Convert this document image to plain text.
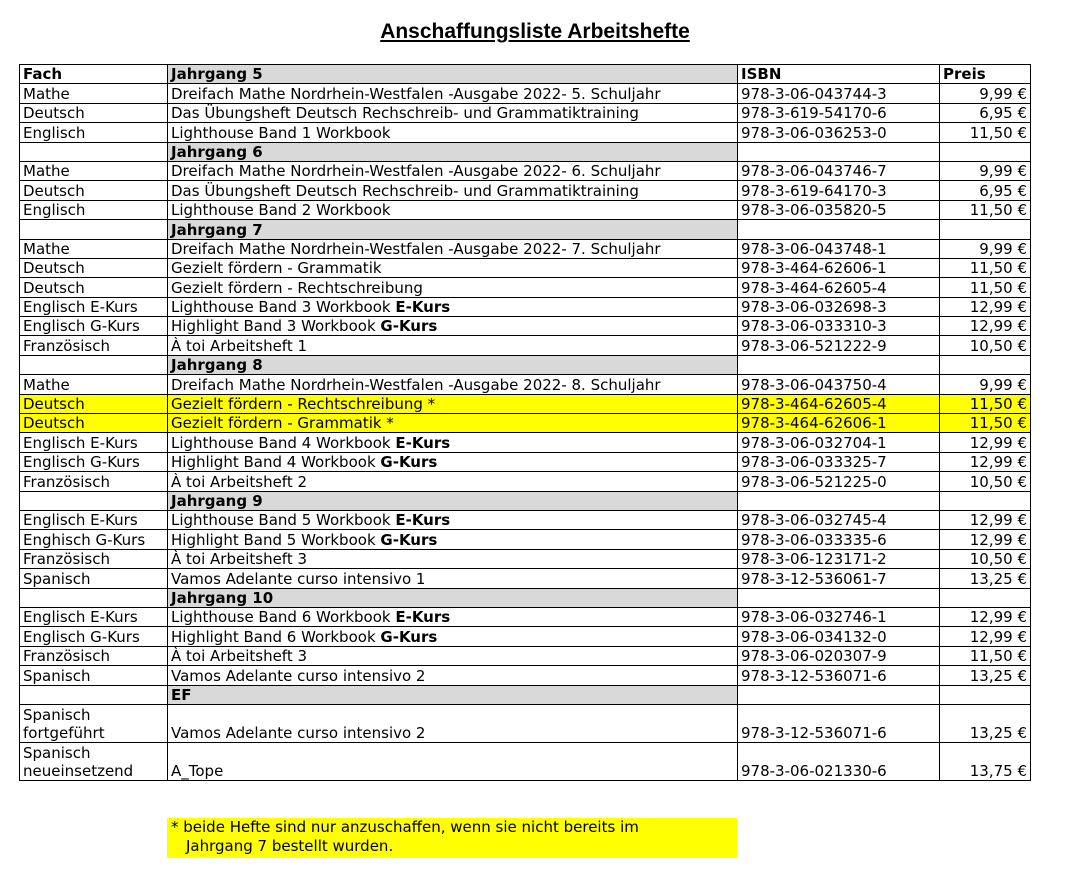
Anschaffungsliste Arbeitshefte
Fach	Jahrgang 5	ISBN	Preis
Mathe	Dreifach Mathe Nordrhein-Westfalen -Ausgabe 2022- 5. Schuljahr	978-3-06-043744-3	9,99 €
Deutsch	Das Übungsheft Deutsch Rechschreib- und Grammatiktraining	978-3-619-54170-6	6,95 €
Englisch	Lighthouse Band 1 Workbook	978-3-06-036253-0	11,50 €
	Jahrgang 6		
Mathe	Dreifach Mathe Nordrhein-Westfalen -Ausgabe 2022- 6. Schuljahr	978-3-06-043746-7	9,99 €
Deutsch	Das Übungsheft Deutsch Rechschreib- und Grammatiktraining	978-3-619-64170-3	6,95 €
Englisch	Lighthouse Band 2 Workbook	978-3-06-035820-5	11,50 €
	Jahrgang 7		
Mathe	Dreifach Mathe Nordrhein-Westfalen -Ausgabe 2022- 7. Schuljahr	978-3-06-043748-1	9,99 €
Deutsch	Gezielt fördern - Grammatik	978-3-464-62606-1	11,50 €
Deutsch	Gezielt fördern - Rechtschreibung	978-3-464-62605-4	11,50 €
Englisch E-Kurs	Lighthouse Band 3 Workbook E-Kurs	978-3-06-032698-3	12,99 €
Englisch G-Kurs	Highlight Band 3 Workbook G-Kurs	978-3-06-033310-3	12,99 €
Französisch	À toi Arbeitsheft 1	978-3-06-521222-9	10,50 €
	Jahrgang 8		
Mathe	Dreifach Mathe Nordrhein-Westfalen -Ausgabe 2022- 8. Schuljahr	978-3-06-043750-4	9,99 €
Deutsch	Gezielt fördern - Rechtschreibung *	978-3-464-62605-4	11,50 €
Deutsch	Gezielt fördern - Grammatik *	978-3-464-62606-1	11,50 €
Englisch E-Kurs	Lighthouse Band 4 Workbook E-Kurs	978-3-06-032704-1	12,99 €
Englisch G-Kurs	Highlight Band 4 Workbook G-Kurs	978-3-06-033325-7	12,99 €
Französisch	À toi Arbeitsheft 2	978-3-06-521225-0	10,50 €
	Jahrgang 9		
Englisch E-Kurs	Lighthouse Band 5 Workbook E-Kurs	978-3-06-032745-4	12,99 €
Enghisch G-Kurs	Highlight Band 5 Workbook G-Kurs	978-3-06-033335-6	12,99 €
Französisch	À toi Arbeitsheft 3	978-3-06-123171-2	10,50 €
Spanisch	Vamos Adelante curso intensivo 1	978-3-12-536061-7	13,25 €
	Jahrgang 10		
Englisch E-Kurs	Lighthouse Band 6 Workbook E-Kurs	978-3-06-032746-1	12,99 €
Englisch G-Kurs	Highlight Band 6 Workbook G-Kurs	978-3-06-034132-0	12,99 €
Französisch	À toi Arbeitsheft 3	978-3-06-020307-9	11,50 €
Spanisch	Vamos Adelante curso intensivo 2	978-3-12-536071-6	13,25 €
	EF		
Spanisch fortgeführt	Vamos Adelante curso intensivo 2	978-3-12-536071-6	13,25 €
Spanisch neueinsetzend	A_Tope	978-3-06-021330-6	13,75 €
* beide Hefte sind nur anzuschaffen, wenn sie nicht bereits im
Jahrgang 7 bestellt wurden.
